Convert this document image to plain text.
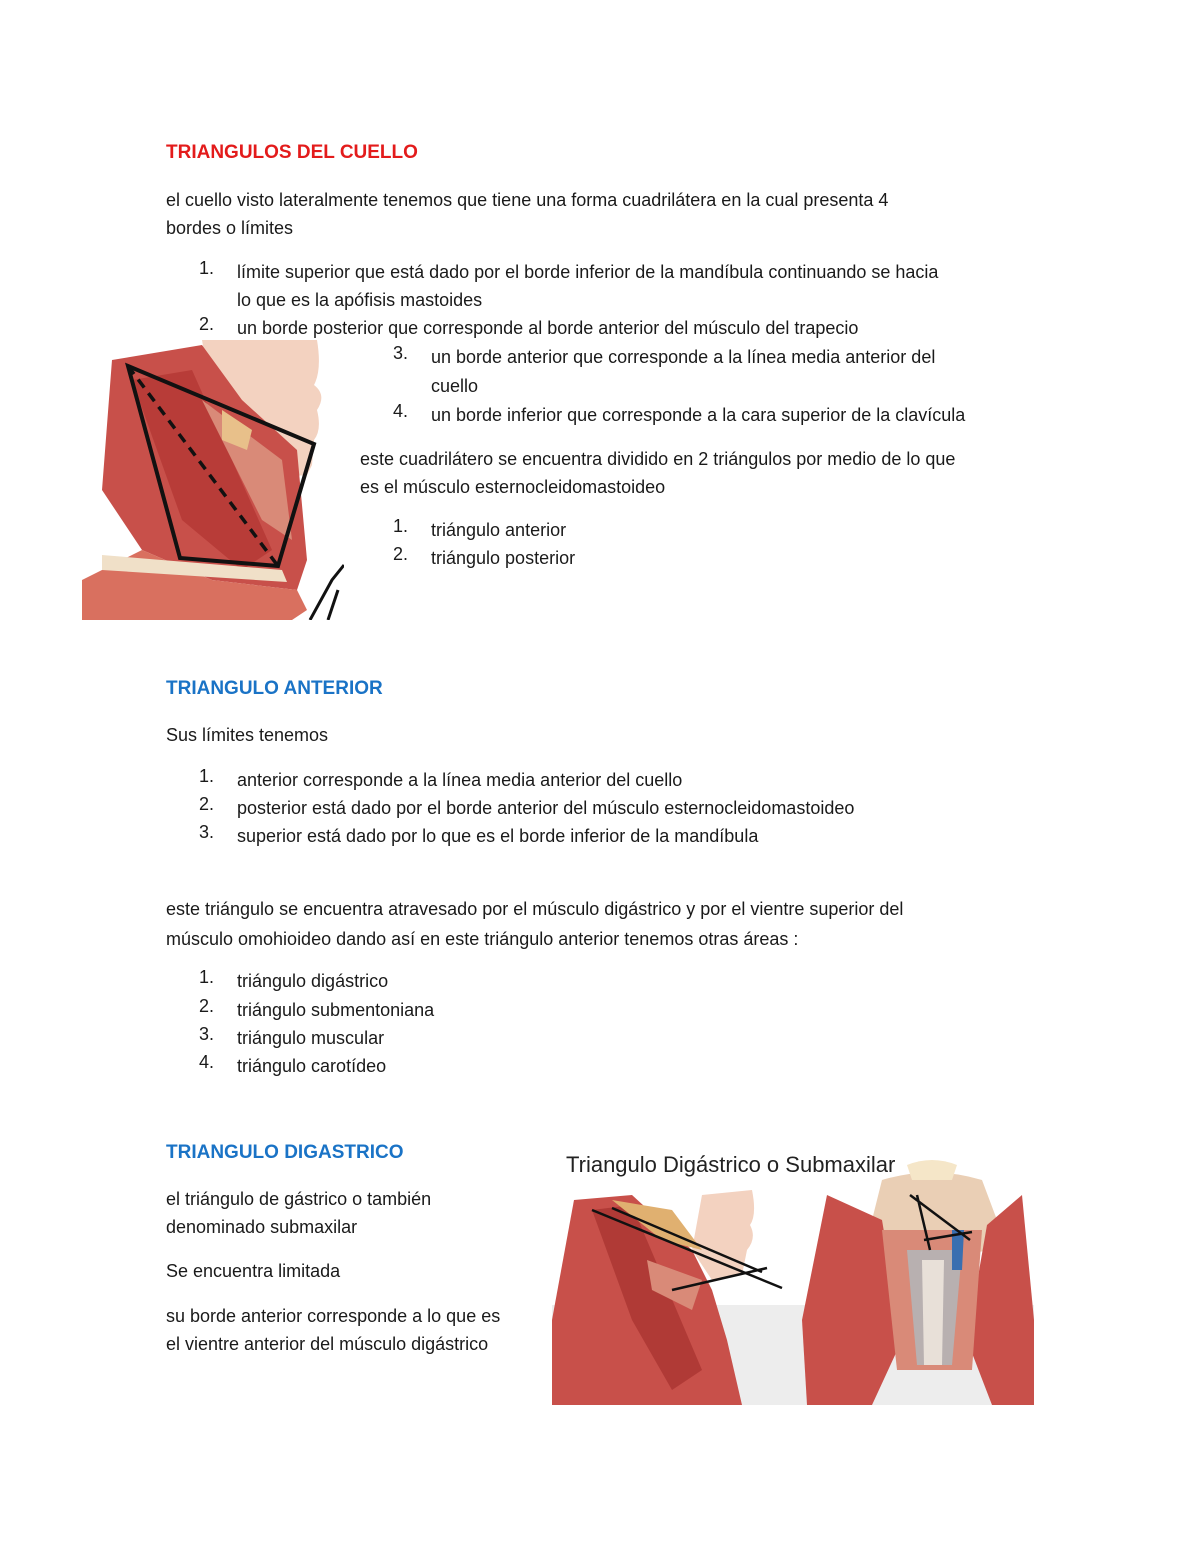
TRIANGULOS DEL CUELLO
el cuello visto lateralmente tenemos que tiene una forma cuadrilátera en la cual presenta 4
bordes o límites
1. límite superior que está dado por el borde inferior de la mandíbula continuando se hacia
lo que es la apófisis mastoides
2. un borde posterior que corresponde al borde anterior del músculo del trapecio
3. un borde anterior que corresponde a la línea media anterior del
cuello
4. un borde inferior que corresponde a la cara superior de la clavícula
este cuadrilátero se encuentra dividido en 2 triángulos por medio de lo que
es el músculo esternocleidomastoideo
1. triángulo anterior
2. triángulo posterior
TRIANGULO ANTERIOR
Sus límites tenemos
1. anterior corresponde a la línea media anterior del cuello
2. posterior está dado por el borde anterior del músculo esternocleidomastoideo
3. superior está dado por lo que es el borde inferior de la mandíbula
este triángulo se encuentra atravesado por el músculo digástrico y por el vientre superior del
músculo omohioideo dando así en este triángulo anterior tenemos otras áreas :
1. triángulo digástrico
2. triángulo submentoniana
3. triángulo muscular
4. triángulo carotídeo
TRIANGULO DIGASTRICO
el triángulo de gástrico o también
denominado submaxilar
Se encuentra limitada
su borde anterior corresponde a lo que es
el vientre anterior del músculo digástrico
Triangulo Digástrico o Submaxilar
